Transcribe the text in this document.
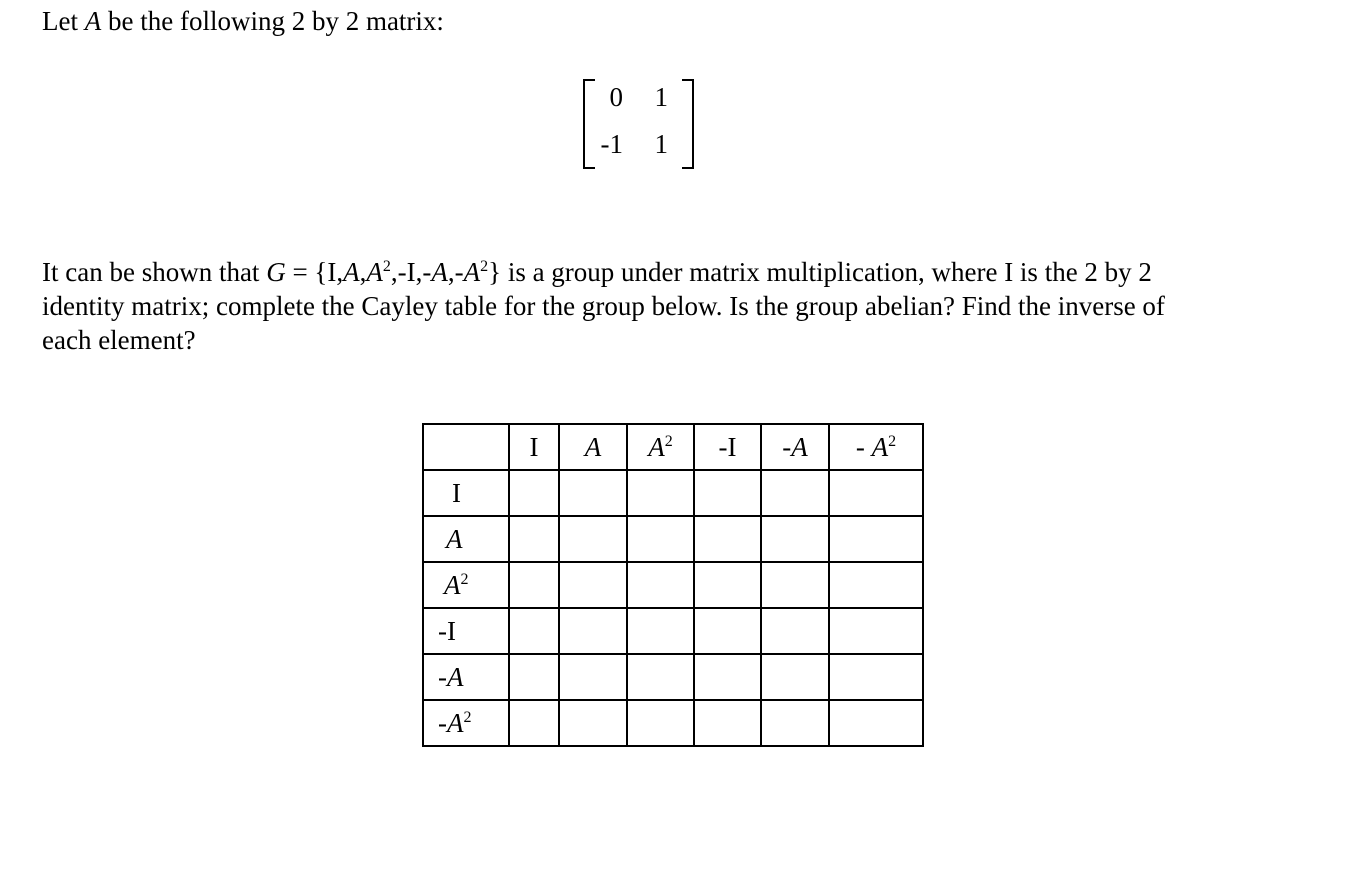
Let A be the following 2 by 2 matrix:
0	1
-1	1
It can be shown that $G = \{I,A,A^2,-I,-A,-A^2\}$ is a group under matrix multiplication, where I is the 2 by 2
identity matrix; complete the Cayley table for the group below. Is the group abelian? Find the inverse of
each element?
	I	A	$A^2$	-I	-A	- $A^2$
I						
A						
$A^2$						
-I						
-A						
$-A^2$						
